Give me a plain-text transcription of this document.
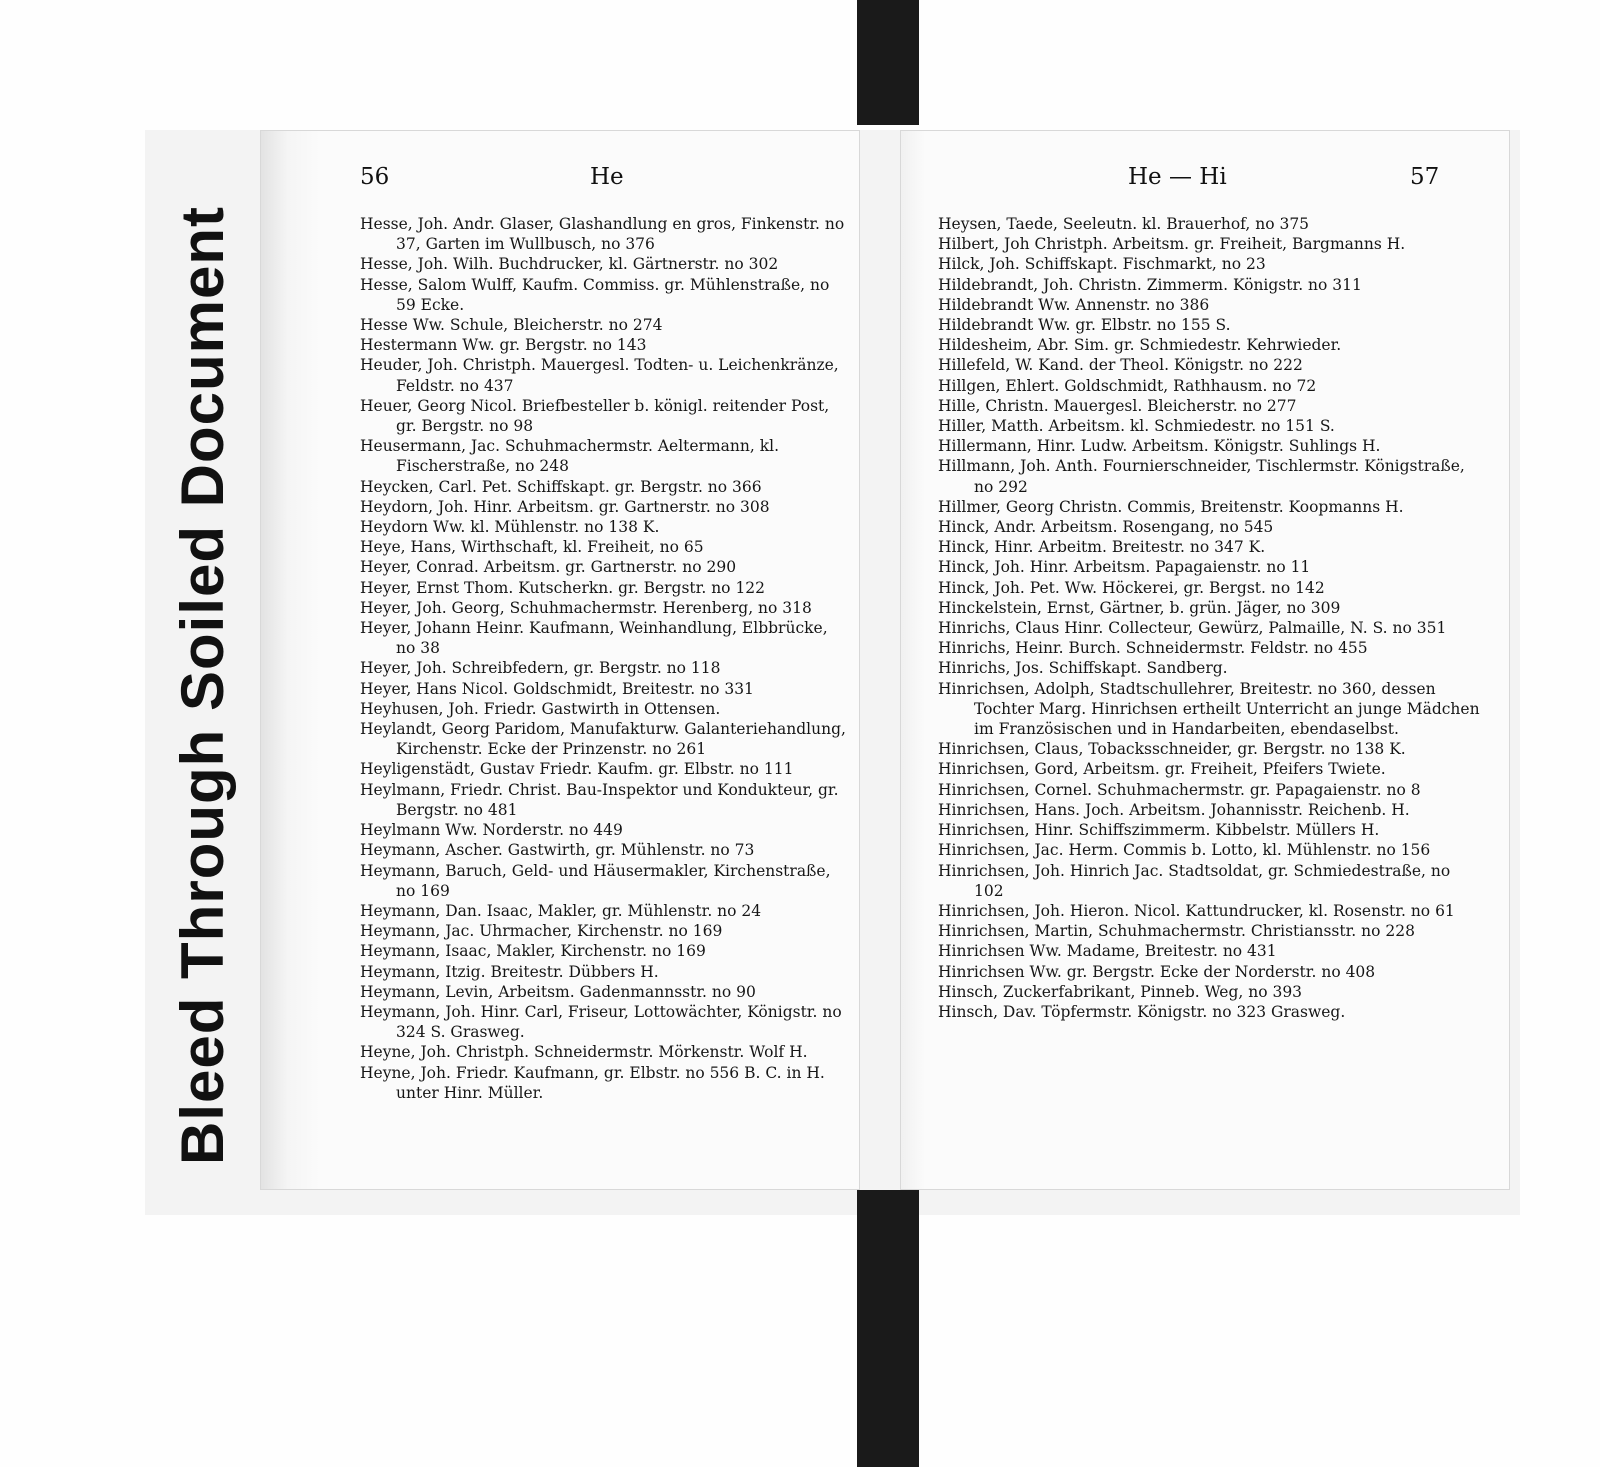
Bleed Through Soiled Document
56	He
Hesse, Joh. Andr. Glaser, Glashandlung en gros, Finkenstr. no 37, Garten im Wullbusch, no 376
Hesse, Joh. Wilh. Buchdrucker, kl. Gärtnerstr. no 302
Hesse, Salom Wulff, Kaufm. Commiss. gr. Mühlenstraße, no 59 Ecke.
Hesse Ww. Schule, Bleicherstr. no 274
Hestermann Ww. gr. Bergstr. no 143
Heuder, Joh. Christph. Mauergesl. Todten- u. Leichenkränze, Feldstr. no 437
Heuer, Georg Nicol. Briefbesteller b. königl. reitender Post, gr. Bergstr. no 98
Heusermann, Jac. Schuhmachermstr. Aeltermann, kl. Fischerstraße, no 248
Heycken, Carl. Pet. Schiffskapt. gr. Bergstr. no 366
Heydorn, Joh. Hinr. Arbeitsm. gr. Gartnerstr. no 308
Heydorn Ww. kl. Mühlenstr. no 138 K.
Heye, Hans, Wirthschaft, kl. Freiheit, no 65
Heyer, Conrad. Arbeitsm. gr. Gartnerstr. no 290
Heyer, Ernst Thom. Kutscherkn. gr. Bergstr. no 122
Heyer, Joh. Georg, Schuhmachermstr. Herenberg, no 318
Heyer, Johann Heinr. Kaufmann, Weinhandlung, Elbbrücke, no 38
Heyer, Joh. Schreibfedern, gr. Bergstr. no 118
Heyer, Hans Nicol. Goldschmidt, Breitestr. no 331
Heyhusen, Joh. Friedr. Gastwirth in Ottensen.
Heylandt, Georg Paridom, Manufakturw. Galanteriehandlung, Kirchenstr. Ecke der Prinzenstr. no 261
Heyligenstädt, Gustav Friedr. Kaufm. gr. Elbstr. no 111
Heylmann, Friedr. Christ. Bau-Inspektor und Kondukteur, gr. Bergstr. no 481
Heylmann Ww. Norderstr. no 449
Heymann, Ascher. Gastwirth, gr. Mühlenstr. no 73
Heymann, Baruch, Geld- und Häusermakler, Kirchenstraße, no 169
Heymann, Dan. Isaac, Makler, gr. Mühlenstr. no 24
Heymann, Jac. Uhrmacher, Kirchenstr. no 169
Heymann, Isaac, Makler, Kirchenstr. no 169
Heymann, Itzig. Breitestr. Dübbers H.
Heymann, Levin, Arbeitsm. Gadenmannsstr. no 90
Heymann, Joh. Hinr. Carl, Friseur, Lottowächter, Königstr. no 324 S. Grasweg.
Heyne, Joh. Christph. Schneidermstr. Mörkenstr. Wolf H.
Heyne, Joh. Friedr. Kaufmann, gr. Elbstr. no 556 B. C. in H. unter Hinr. Müller.
He — Hi	57
Heysen, Taede, Seeleutn. kl. Brauerhof, no 375
Hilbert, Joh Christph. Arbeitsm. gr. Freiheit, Bargmanns H.
Hilck, Joh. Schiffskapt. Fischmarkt, no 23
Hildebrandt, Joh. Christn. Zimmerm. Königstr. no 311
Hildebrandt Ww. Annenstr. no 386
Hildebrandt Ww. gr. Elbstr. no 155 S.
Hildesheim, Abr. Sim. gr. Schmiedestr. Kehrwieder.
Hillefeld, W. Kand. der Theol. Königstr. no 222
Hillgen, Ehlert. Goldschmidt, Rathhausm. no 72
Hille, Christn. Mauergesl. Bleicherstr. no 277
Hiller, Matth. Arbeitsm. kl. Schmiedestr. no 151 S.
Hillermann, Hinr. Ludw. Arbeitsm. Königstr. Suhlings H.
Hillmann, Joh. Anth. Fournierschneider, Tischlermstr. Königstraße, no 292
Hillmer, Georg Christn. Commis, Breitenstr. Koopmanns H.
Hinck, Andr. Arbeitsm. Rosengang, no 545
Hinck, Hinr. Arbeitm. Breitestr. no 347 K.
Hinck, Joh. Hinr. Arbeitsm. Papagaienstr. no 11
Hinck, Joh. Pet. Ww. Höckerei, gr. Bergst. no 142
Hinckelstein, Ernst, Gärtner, b. grün. Jäger, no 309
Hinrichs, Claus Hinr. Collecteur, Gewürz, Palmaille, N. S. no 351
Hinrichs, Heinr. Burch. Schneidermstr. Feldstr. no 455
Hinrichs, Jos. Schiffskapt. Sandberg.
Hinrichsen, Adolph, Stadtschullehrer, Breitestr. no 360, dessen Tochter Marg. Hinrichsen ertheilt Unterricht an junge Mädchen im Französischen und in Handarbeiten, ebendaselbst.
Hinrichsen, Claus, Tobacksschneider, gr. Bergstr. no 138 K.
Hinrichsen, Gord, Arbeitsm. gr. Freiheit, Pfeifers Twiete.
Hinrichsen, Cornel. Schuhmachermstr. gr. Papagaienstr. no 8
Hinrichsen, Hans. Joch. Arbeitsm. Johannisstr. Reichenb. H.
Hinrichsen, Hinr. Schiffszimmerm. Kibbelstr. Müllers H.
Hinrichsen, Jac. Herm. Commis b. Lotto, kl. Mühlenstr. no 156
Hinrichsen, Joh. Hinrich Jac. Stadtsoldat, gr. Schmiedestraße, no 102
Hinrichsen, Joh. Hieron. Nicol. Kattundrucker, kl. Rosenstr. no 61
Hinrichsen, Martin, Schuhmachermstr. Christiansstr. no 228
Hinrichsen Ww. Madame, Breitestr. no 431
Hinrichsen Ww. gr. Bergstr. Ecke der Norderstr. no 408
Hinsch, Zuckerfabrikant, Pinneb. Weg, no 393
Hinsch, Dav. Töpfermstr. Königstr. no 323 Grasweg.
